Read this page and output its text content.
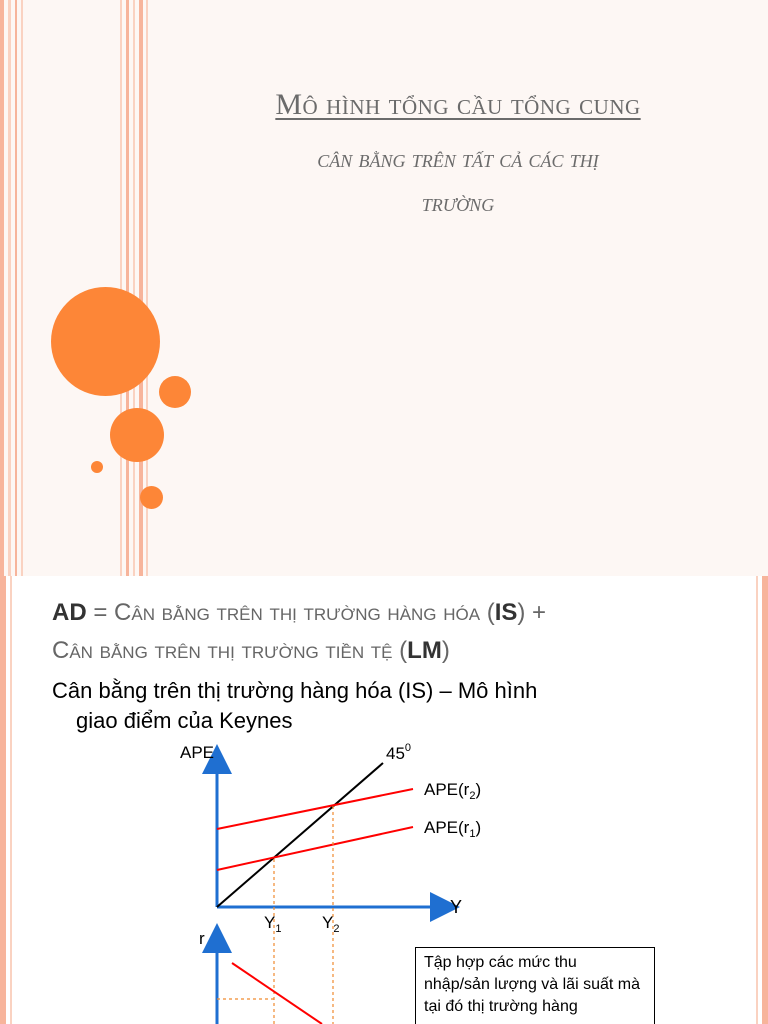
Mô hình tổng cầu tổng cung
cân bằng trên tất cả các thị
trường
AD = Cân bằng trên thị trường hàng hóa (IS) +
Cân bằng trên thị trường tiền tệ (LM)
Cân bằng trên thị trường hàng hóa (IS) – Mô hình
giao điểm của Keynes
APE
Y
$45^0$
$APE(r_2)$
$APE(r_1)$
$Y_1$ $Y_2$
r
Tập hợp các mức thu nhập/sản lượng và lãi suất mà tại đó thị trường hàng
